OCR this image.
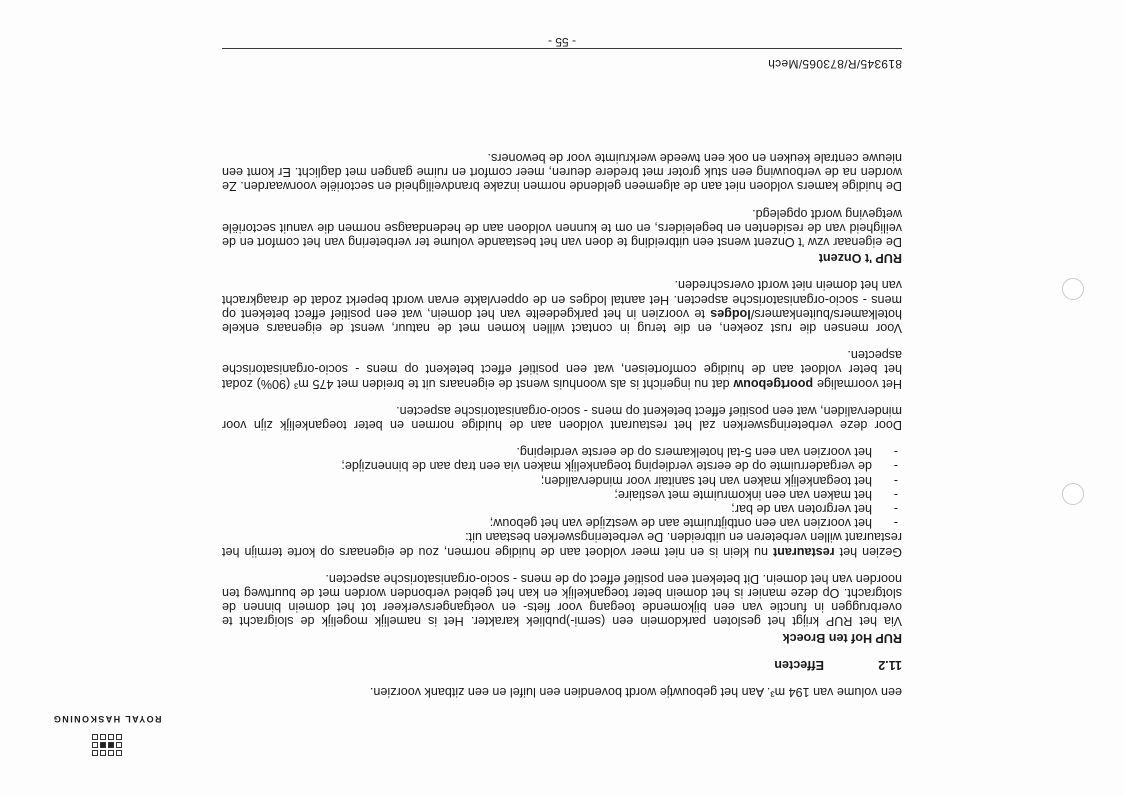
ROYAL HASKONING

een volume van 194 m³. Aan het gebouwtje wordt bovendien een luifel en een zitbank voorzien.

11.2
Effecten
RUP Hof ten Broeck

Via het RUP krijgt het gesloten parkdomein een (semi-)publiek karakter. Het is namelijk mogelijk de sloigracht te overbruggen in functie van een bijkomende toegang voor fiets- en voetgangersverkeer tot het domein binnen de slotgracht. Op deze manier is het domein beter toegankelijk en kan het gebied verbonden worden met de buurtweg ten noorden van het domein. Dit betekent een positief effect op de mens - socio-organisatorische aspecten.

Gezien het restaurant nu klein is en niet meer voldoet aan de huidige normen, zou de eigenaars op korte termijn het restaurant willen verbeteren en uitbreiden. De verbeteringswerken bestaan uit:

-
het voorzien van een ontbijtruimte aan de westzijde van het gebouw;
-
het vergroten van de bar;
-
het maken van een inkomruimte met vestiaire;
-
het toegankelijk maken van het sanitair voor mindervaliden;
-
de vergaderruimte op de eerste verdieping toegankelijk maken via een trap aan de binnenzijde;
-
het voorzien van een 5-tal hotelkamers op de eerste verdieping.

Door deze verbeteringswerken zal het restaurant voldoen aan de huidige normen en beter toegankelijk zijn voor mindervaliden, wat een positief effect betekent op mens - socio-organisatorische aspecten.

Het voormalige poortgebouw dat nu ingericht is als woonhuis wenst de eigenaars uit te breiden met 475 m³ (90%) zodat het beter voldoet aan de huidige comforteisen, wat een positief effect betekent op mens - socio-organisatorische aspecten.

Voor mensen die rust zoeken, en die terug in contact willen komen met de natuur, wenst de eigenaars enkele hotelkamers/buitenkamers/lodges te voorzien in het parkgedeelte van het domein, wat een positief effect betekent op mens - socio-organisatorische aspecten. Het aantal lodges en de oppervlakte ervan wordt beperkt zodat de draagkracht van het domein niet wordt overschreden.

RUP 't Onzent

De eigenaar vzw 't Onzent wenst een uitbreiding te doen van het bestaande volume ter verbetering van het comfort en de veiligheid van de residenten en begeleiders, en om te kunnen voldoen aan de hedendaagse normen die vanuit sectoriële wetgeving wordt opgelegd.

De huidige kamers voldoen niet aan de algemeen geldende normen inzake brandveiligheid en sectoriële voorwaarden. Ze worden na de verbouwing een stuk groter met bredere deuren, meer comfort en ruime gangen met daglicht. Er komt een nieuwe centrale keuken en ook een tweede werkruimte voor de bewoners.

819345/R/873065/Mech
- 55 -
